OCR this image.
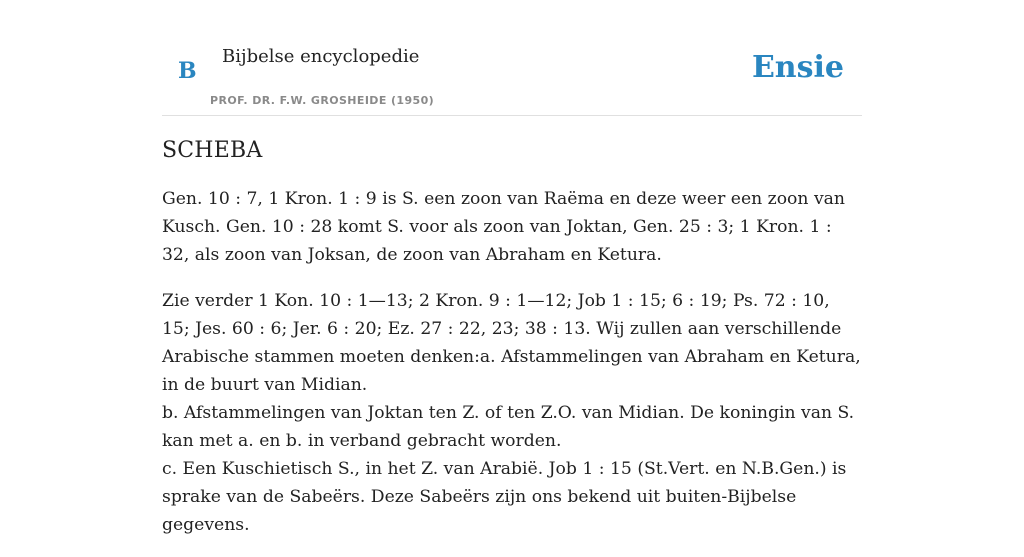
B
Bijbelse encyclopedie
PROF. DR. F.W. GROSHEIDE (1950)
Ensie
SCHEBA

Gen. 10 : 7, 1 Kron. 1 : 9 is S. een zoon van Raëma en deze weer een zoon van Kusch. Gen. 10 : 28 komt S. voor als zoon van Joktan, Gen. 25 : 3; 1 Kron. 1 : 32, als zoon van Joksan, de zoon van Abraham en Ketura.

Zie verder 1 Kon. 10 : 1—13; 2 Kron. 9 : 1—12; Job 1 : 15; 6 : 19; Ps. 72 : 10, 15; Jes. 60 : 6; Jer. 6 : 20; Ez. 27 : 22, 23; 38 : 13. Wij zullen aan verschillende Arabische stammen moeten denken:a. Afstammelingen van Abraham en Ketura, in de buurt van Midian.
b. Afstammelingen van Joktan ten Z. of ten Z.O. van Midian. De koningin van S. kan met a. en b. in verband gebracht worden.
c. Een Kuschietisch S., in het Z. van Arabië. Job 1 : 15 (St.Vert. en N.B.Gen.) is sprake van de Sabeërs. Deze Sabeërs zijn ons bekend uit buiten-Bijbelse gegevens.
